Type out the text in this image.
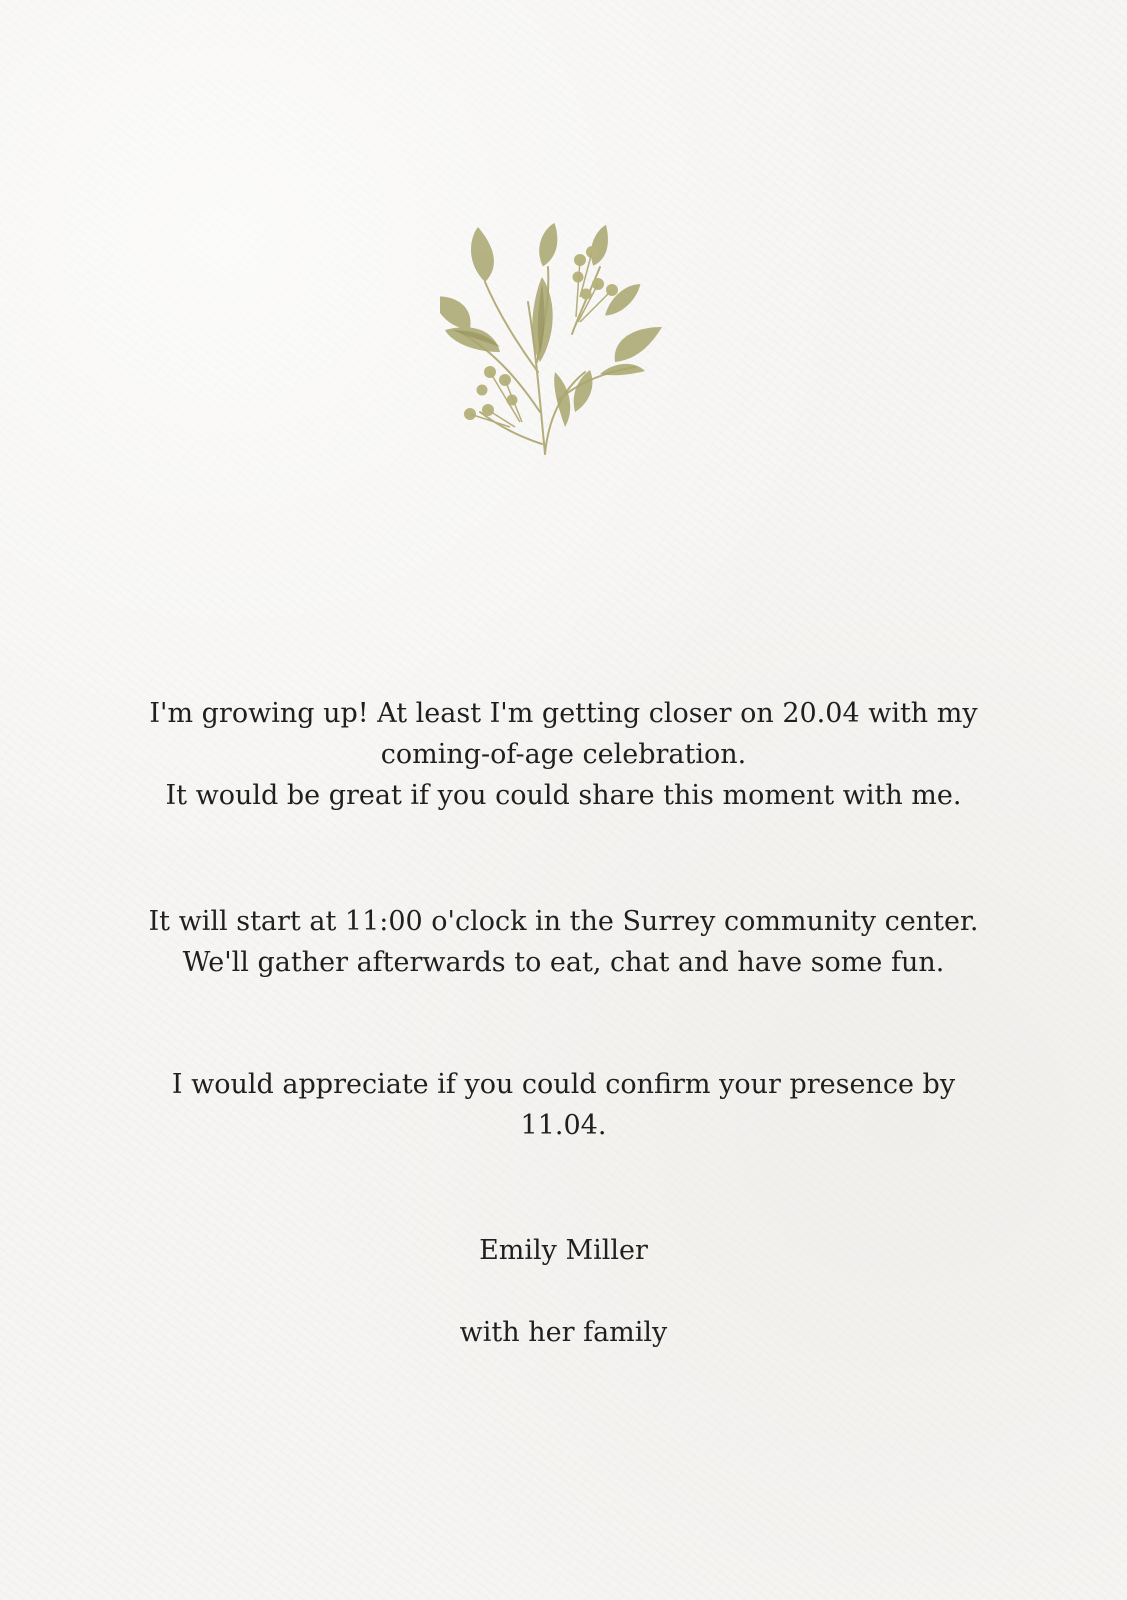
I'm growing up! At least I'm getting closer on 20.04 with my
coming-of-age celebration.
It would be great if you could share this moment with me.
It will start at 11:00 o'clock in the Surrey community center.
We'll gather afterwards to eat, chat and have some fun.
I would appreciate if you could confirm your presence by
11.04.

Emily Miller

with her family
